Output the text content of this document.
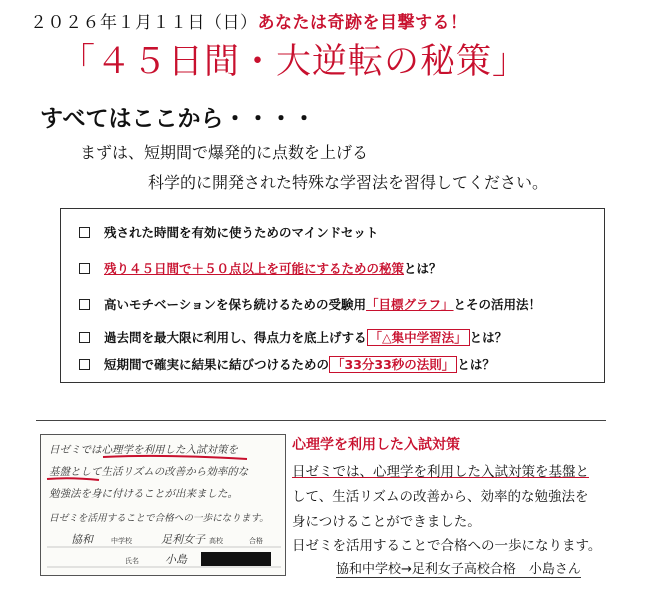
２０２６年１月１１日（日）あなたは奇跡を目撃する！
「４５日間・大逆転の秘策」
すべてはここから・・・・
まずは、短期間で爆発的に点数を上げる
科学的に開発された特殊な学習法を習得してください。
残された時間を有効に使うためのマインドセット
残り４５日間で＋５０点以上を可能にするための秘策とは？
高いモチベーションを保ち続けるための受験用「目標グラフ」とその活用法！
過去問を最大限に利用し、得点力を底上げする 「△集中学習法」 とは？
短期間で確実に結果に結びつけるための 「33分33秒の法則」 とは？
日ゼミでは心理学を利用した入試対策を
基盤として生活リズムの改善から効率的な
勉強法を身に付けることが出来ました。
日ゼミを活用することで合格への一歩になります。
協和	中学校	足利女子 高校	合格
氏名 小島
心理学を利用した入試対策
日ゼミでは、心理学を利用した入試対策を基盤と
して、生活リズムの改善から、効率的な勉強法を
身につけることができました。
日ゼミを活用することで合格への一歩になります。
協和中学校→足利女子高校合格　小島さん
